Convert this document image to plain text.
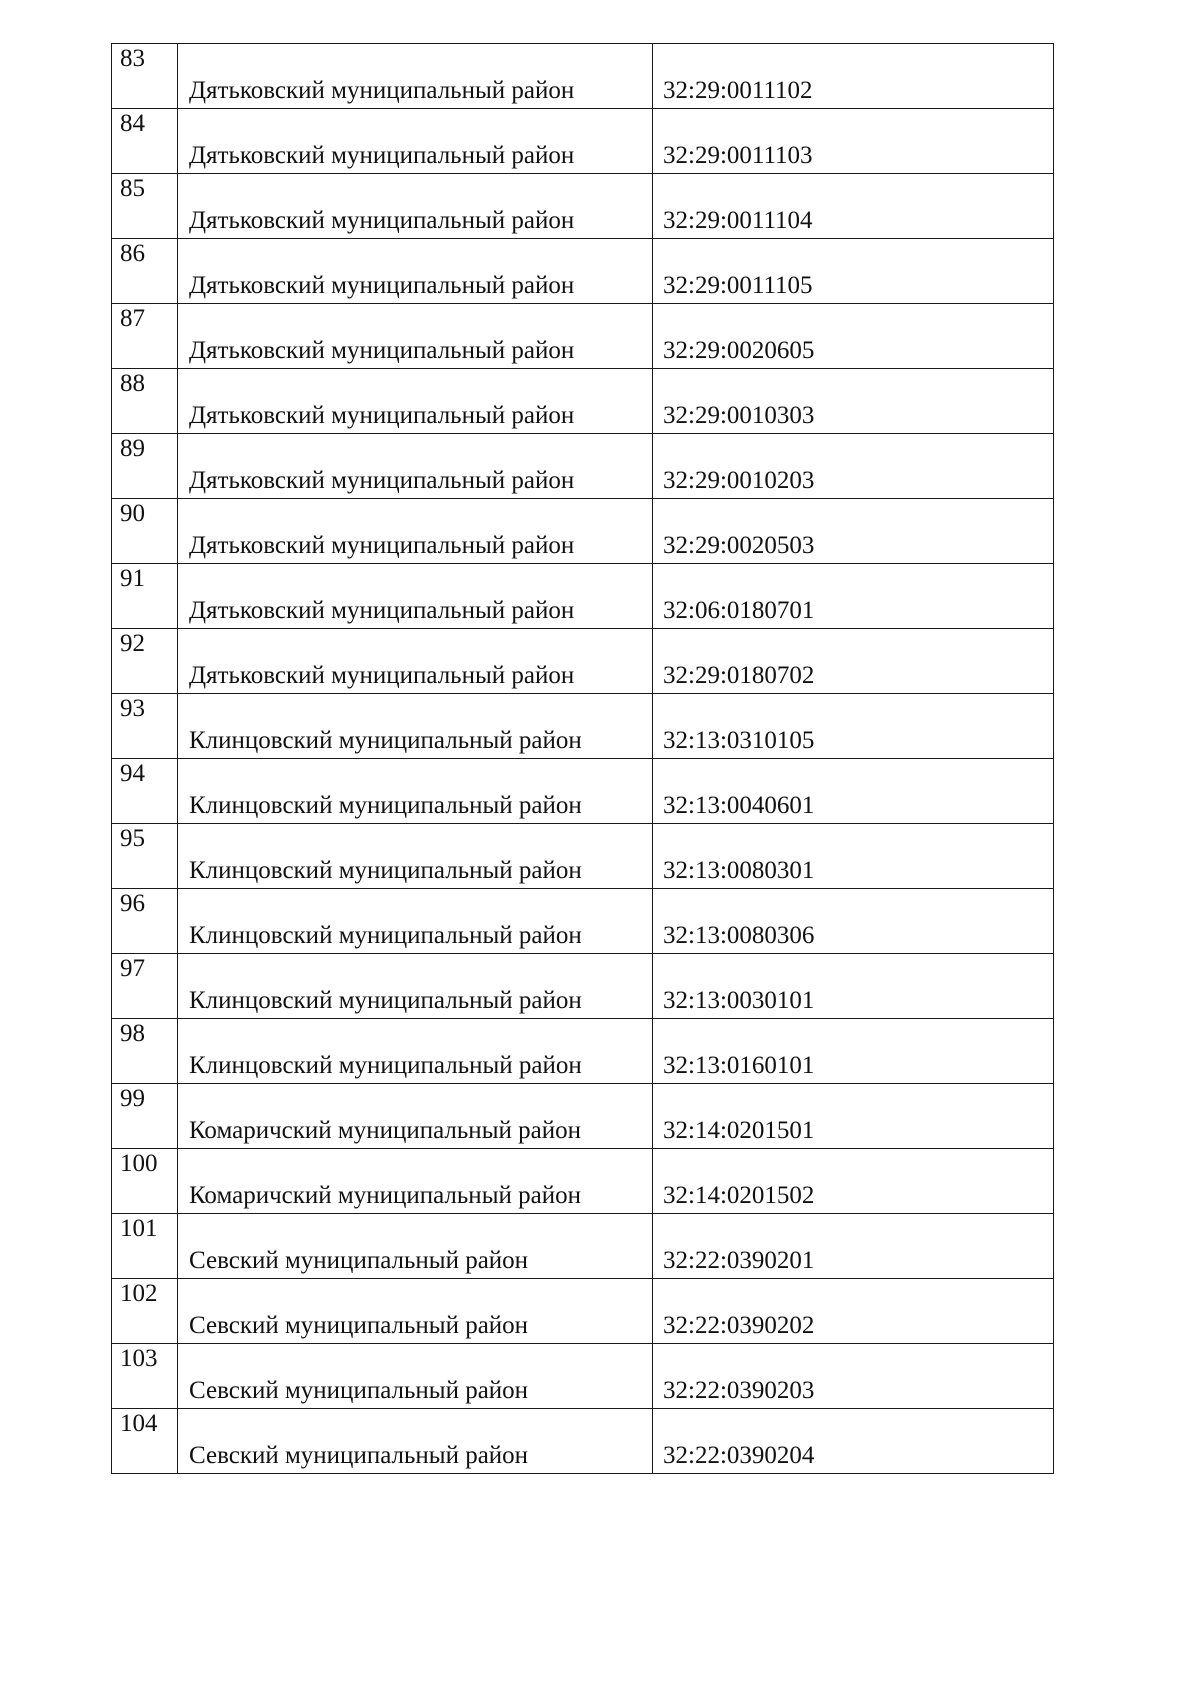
83	Дятьковский муниципальный район	32:29:0011102

84	Дятьковский муниципальный район	32:29:0011103

85	Дятьковский муниципальный район	32:29:0011104

86	Дятьковский муниципальный район	32:29:0011105

87	Дятьковский муниципальный район	32:29:0020605

88	Дятьковский муниципальный район	32:29:0010303

89	Дятьковский муниципальный район	32:29:0010203

90	Дятьковский муниципальный район	32:29:0020503

91	Дятьковский муниципальный район	32:06:0180701

92	Дятьковский муниципальный район	32:29:0180702

93	Клинцовский муниципальный район	32:13:0310105

94	Клинцовский муниципальный район	32:13:0040601

95	Клинцовский муниципальный район	32:13:0080301

96	Клинцовский муниципальный район	32:13:0080306

97	Клинцовский муниципальный район	32:13:0030101

98	Клинцовский муниципальный район	32:13:0160101

99	Комаричский муниципальный район	32:14:0201501

100	Комаричский муниципальный район	32:14:0201502

101	Севский муниципальный район	32:22:0390201

102	Севский муниципальный район	32:22:0390202

103	Севский муниципальный район	32:22:0390203

104	Севский муниципальный район	32:22:0390204
